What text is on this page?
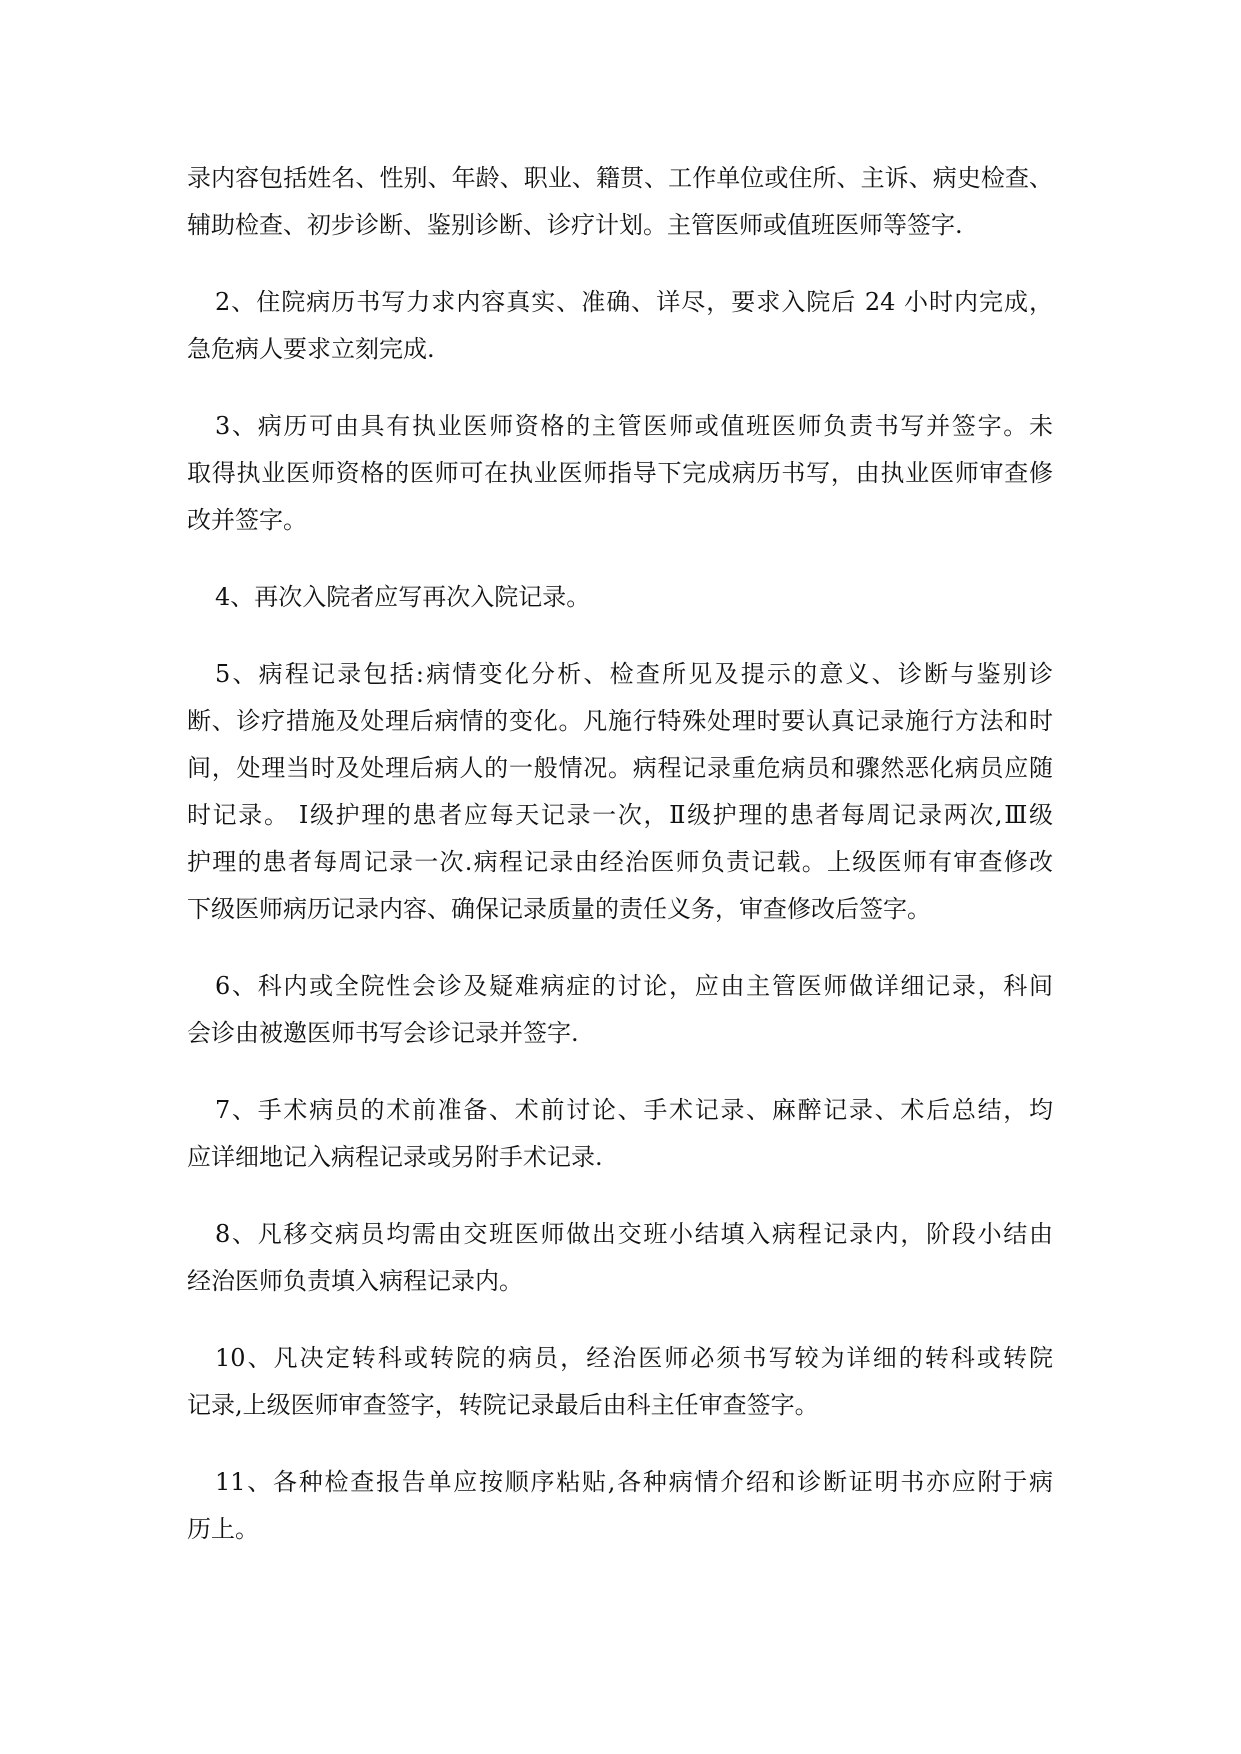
录内容包括姓名、性别、年龄、职业、籍贯、工作单位或住所、主诉、病史检查、
辅助检查、初步诊断、鉴别诊断、诊疗计划。主管医师或值班医师等签字.
2、住院病历书写力求内容真实、准确、详尽，要求入院后 24 小时内完成，
急危病人要求立刻完成.
3、病历可由具有执业医师资格的主管医师或值班医师负责书写并签字。未
取得执业医师资格的医师可在执业医师指导下完成病历书写，由执业医师审查修
改并签字。
4、再次入院者应写再次入院记录。
5、病程记录包括:病情变化分析、检查所见及提示的意义、诊断与鉴别诊
断、诊疗措施及处理后病情的变化。凡施行特殊处理时要认真记录施行方法和时
间，处理当时及处理后病人的一般情况。病程记录重危病员和骤然恶化病员应随
时记录。 Ⅰ级护理的患者应每天记录一次，Ⅱ级护理的患者每周记录两次,Ⅲ级
护理的患者每周记录一次.病程记录由经治医师负责记载。上级医师有审查修改
下级医师病历记录内容、确保记录质量的责任义务，审查修改后签字。
6、科内或全院性会诊及疑难病症的讨论，应由主管医师做详细记录，科间
会诊由被邀医师书写会诊记录并签字.
7、手术病员的术前准备、术前讨论、手术记录、麻醉记录、术后总结，均
应详细地记入病程记录或另附手术记录.
8、凡移交病员均需由交班医师做出交班小结填入病程记录内，阶段小结由
经治医师负责填入病程记录内。
10、凡决定转科或转院的病员，经治医师必须书写较为详细的转科或转院
记录,上级医师审查签字，转院记录最后由科主任审查签字。
11、各种检查报告单应按顺序粘贴,各种病情介绍和诊断证明书亦应附于病
历上。
